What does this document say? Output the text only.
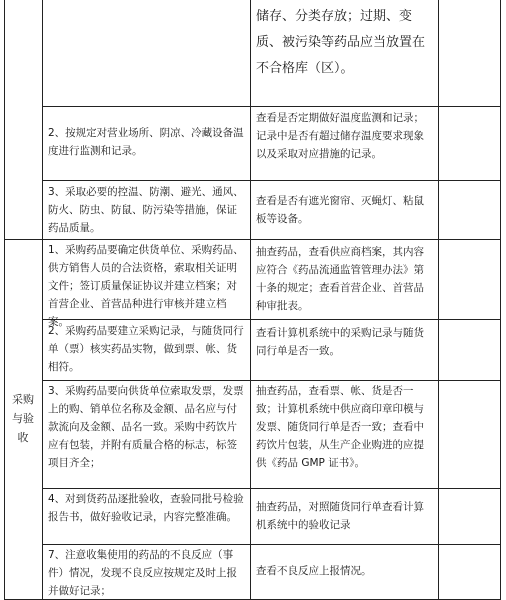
采购与验收
储存、分类存放；过期、变质、被污染等药品应当放置在不合格库（区）。
2、按规定对营业场所、阴凉、冷藏设备温度进行监测和记录。
查看是否定期做好温度监测和记录；记录中是否有超过储存温度要求现象以及采取对应措施的记录。
3、采取必要的控温、防潮、避光、通风、防火、防虫、防鼠、防污染等措施，保证药品质量。
查看是否有遮光窗帘、灭蝇灯、粘鼠板等设备。
1、采购药品要确定供货单位、采购药品、供方销售人员的合法资格，索取相关证明文件；签订质量保证协议并建立档案；对首营企业、首营品种进行审核并建立档案。
抽查药品，查看供应商档案，其内容应符合《药品流通监管管理办法》第十条的规定；查看首营企业、首营品种审批表。
2、采购药品要建立采购记录，与随货同行单（票）核实药品实物，做到票、帐、货相符。
查看计算机系统中的采购记录与随货同行单是否一致。
3、采购药品要向供货单位索取发票，发票上的购、销单位名称及金额、品名应与付款流向及金额、品名一致。采购中药饮片应有包装，并附有质量合格的标志，标签项目齐全；
抽查药品，查看票、帐、货是否一致；计算机系统中供应商印章印模与发票、随货同行单是否一致；查看中药饮片包装，从生产企业购进的应提供《药品 GMP 证书》。
4、对到货药品逐批验收，查验同批号检验报告书，做好验收记录，内容完整准确。
抽查药品，对照随货同行单查看计算机系统中的验收记录
7、注意收集使用的药品的不良反应（事件）情况，发现不良反应按规定及时上报并做好记录；
查看不良反应上报情况。
